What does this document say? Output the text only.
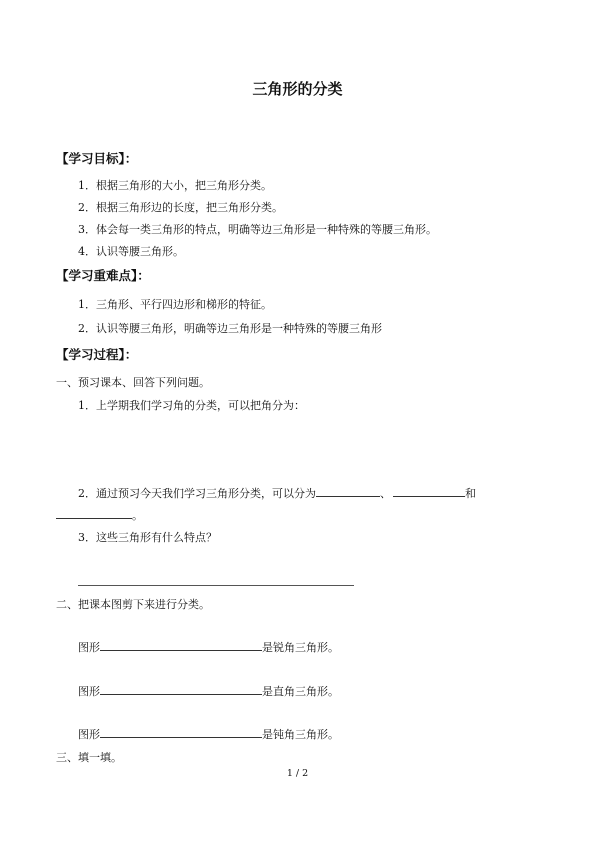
三角形的分类
【学习目标】：
1．根据三角形的大小，把三角形分类。
2．根据三角形边的长度，把三角形分类。
3．体会每一类三角形的特点，明确等边三角形是一种特殊的等腰三角形。
4．认识等腰三角形。
【学习重难点】：
1．三角形、平行四边形和梯形的特征。
2．认识等腰三角形，明确等边三角形是一种特殊的等腰三角形
【学习过程】：
一、预习课本、回答下列问题。
1．上学期我们学习角的分类，可以把角分为：
2．通过预习今天我们学习三角形分类，可以分为	、	和
。
3．这些三角形有什么特点？
二、把课本图剪下来进行分类。
图形	是锐角三角形。
图形	是直角三角形。
图形	是钝角三角形。
三、填一填。
1 / 2
